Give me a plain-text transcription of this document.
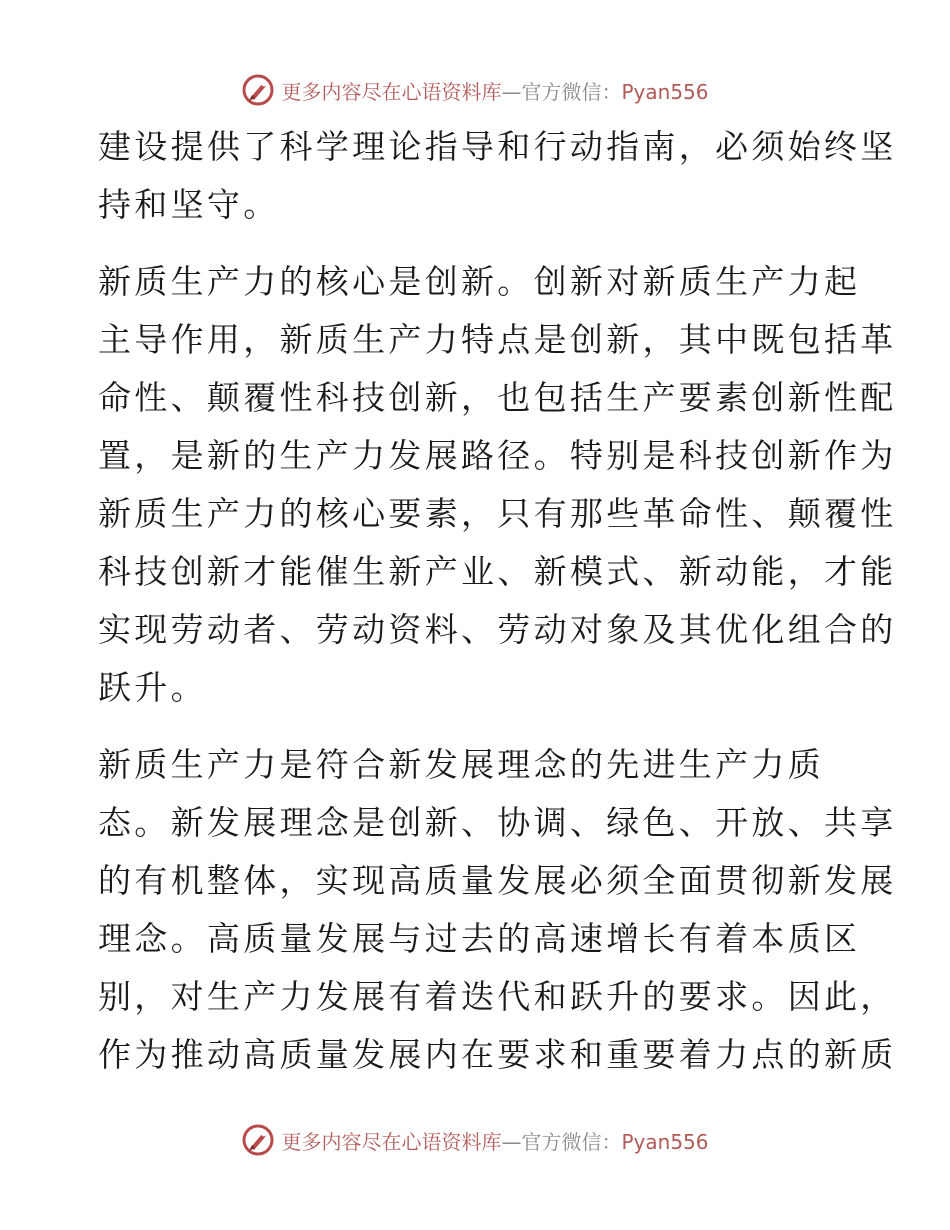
更多内容尽在心语资料库—官方微信：Pyan556
建设提供了科学理论指导和行动指南，必须始终坚
持和坚守。
新质生产力的核心是创新。创新对新质生产力起
主导作用，新质生产力特点是创新，其中既包括革
命性、颠覆性科技创新，也包括生产要素创新性配
置，是新的生产力发展路径。特别是科技创新作为
新质生产力的核心要素，只有那些革命性、颠覆性
科技创新才能催生新产业、新模式、新动能，才能
实现劳动者、劳动资料、劳动对象及其优化组合的
跃升。
新质生产力是符合新发展理念的先进生产力质
态。新发展理念是创新、协调、绿色、开放、共享
的有机整体，实现高质量发展必须全面贯彻新发展
理念。高质量发展与过去的高速增长有着本质区
别，对生产力发展有着迭代和跃升的要求。因此，
作为推动高质量发展内在要求和重要着力点的新质
更多内容尽在心语资料库—官方微信：Pyan556
